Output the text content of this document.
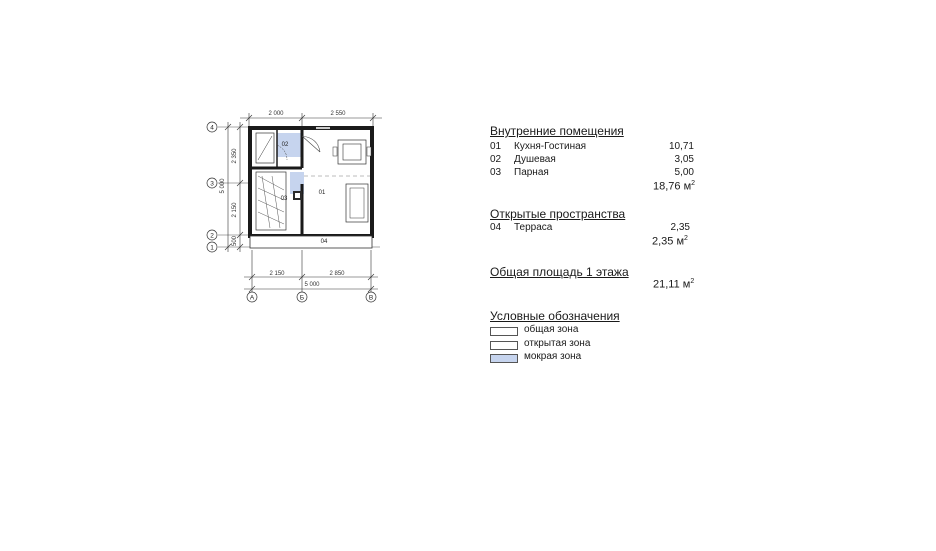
2 000	2 550
4
3
2
1
2 350
2 150
500
5 000	01
02
03
04
2 150	2 850
5 000
А	Б	В
Внутренние помещения
01 Кухня-Гостиная	10,71
02 Душевая	3,05
03 Парная	5,00
18,76 $м^2$
Открытые пространства
04 Терраса	2,35
2,35 $м^2$
Общая площадь 1 этажа
21,11 $м^2$
Условные обозначения
общая зона
открытая зона
мокрая зона
